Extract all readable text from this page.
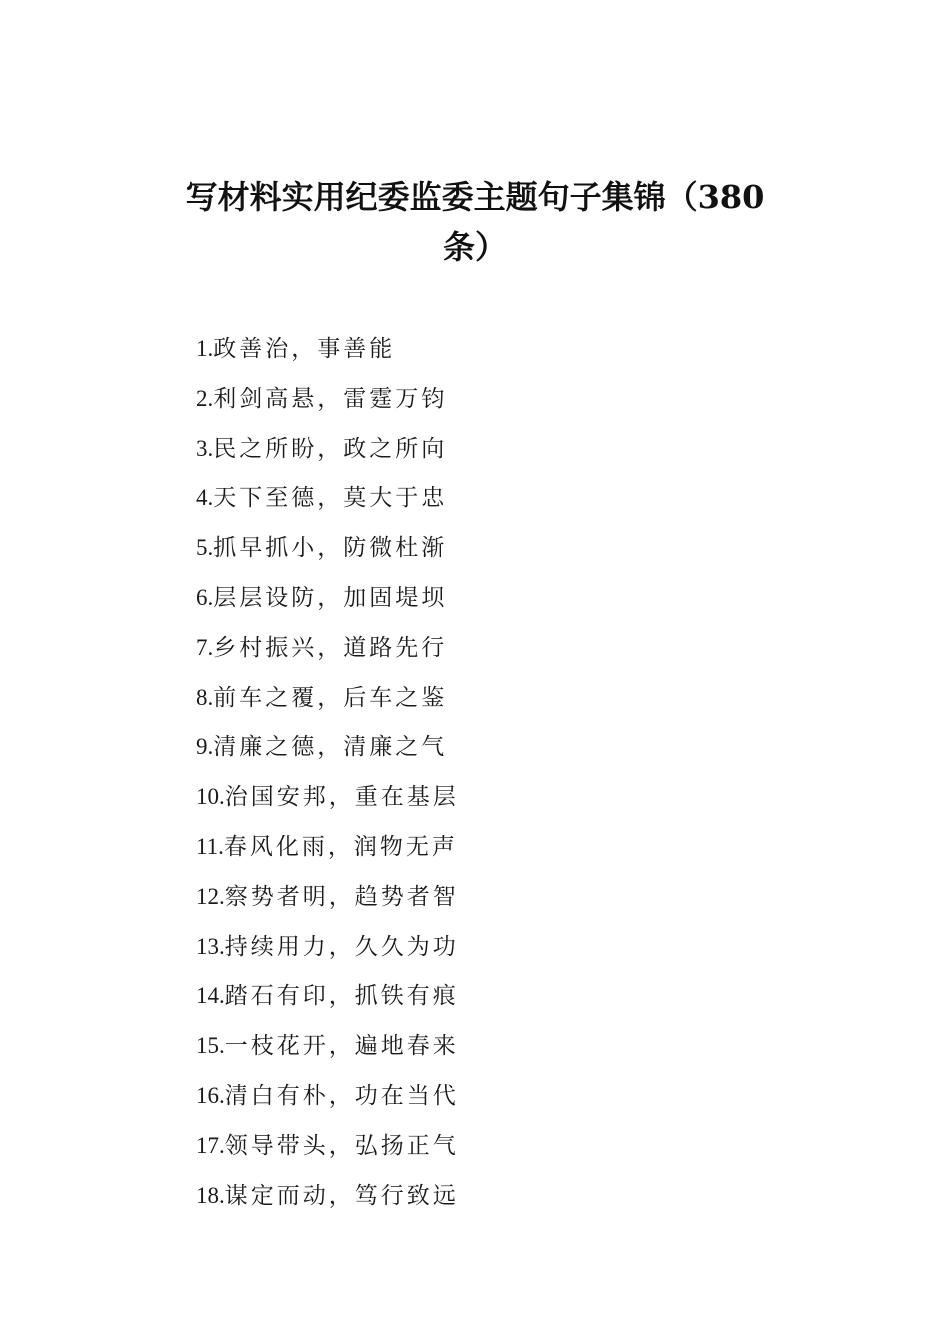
写材料实用纪委监委主题句子集锦（380
条）
1.政善治，事善能
2.利剑高悬，雷霆万钧
3.民之所盼，政之所向
4.天下至德，莫大于忠
5.抓早抓小，防微杜渐
6.层层设防，加固堤坝
7.乡村振兴，道路先行
8.前车之覆，后车之鉴
9.清廉之德，清廉之气
10.治国安邦，重在基层
11.春风化雨，润物无声
12.察势者明，趋势者智
13.持续用力，久久为功
14.踏石有印，抓铁有痕
15.一枝花开，遍地春来
16.清白有朴，功在当代
17.领导带头，弘扬正气
18.谋定而动，笃行致远
